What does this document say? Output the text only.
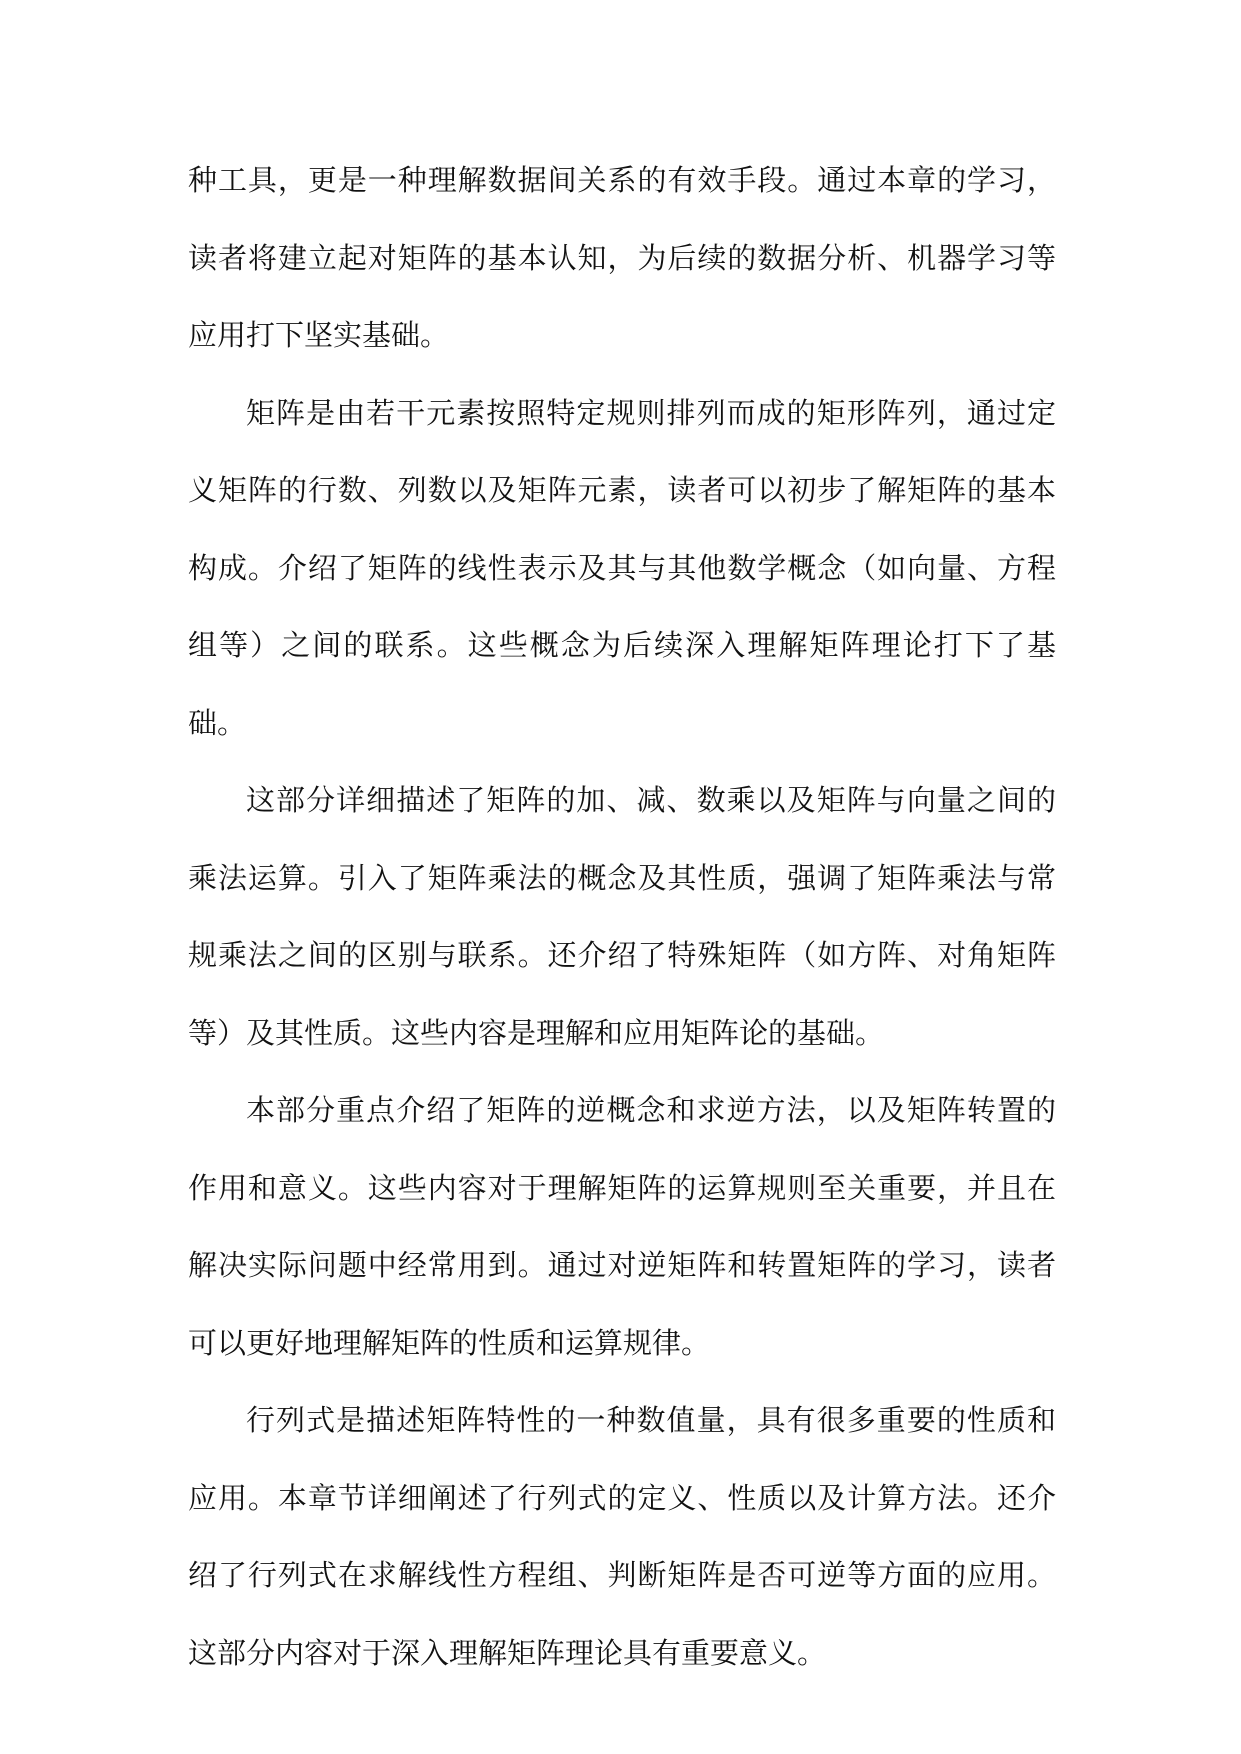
种工具，更是一种理解数据间关系的有效手段。通过本章的学习，读者将建立起对矩阵的基本认知，为后续的数据分析、机器学习等应用打下坚实基础。

矩阵是由若干元素按照特定规则排列而成的矩形阵列，通过定义矩阵的行数、列数以及矩阵元素，读者可以初步了解矩阵的基本构成。介绍了矩阵的线性表示及其与其他数学概念（如向量、方程组等）之间的联系。这些概念为后续深入理解矩阵理论打下了基础。

这部分详细描述了矩阵的加、减、数乘以及矩阵与向量之间的乘法运算。引入了矩阵乘法的概念及其性质，强调了矩阵乘法与常规乘法之间的区别与联系。还介绍了特殊矩阵（如方阵、对角矩阵等）及其性质。这些内容是理解和应用矩阵论的基础。

本部分重点介绍了矩阵的逆概念和求逆方法，以及矩阵转置的作用和意义。这些内容对于理解矩阵的运算规则至关重要，并且在解决实际问题中经常用到。通过对逆矩阵和转置矩阵的学习，读者可以更好地理解矩阵的性质和运算规律。

行列式是描述矩阵特性的一种数值量，具有很多重要的性质和应用。本章节详细阐述了行列式的定义、性质以及计算方法。还介绍了行列式在求解线性方程组、判断矩阵是否可逆等方面的应用。这部分内容对于深入理解矩阵理论具有重要意义。
